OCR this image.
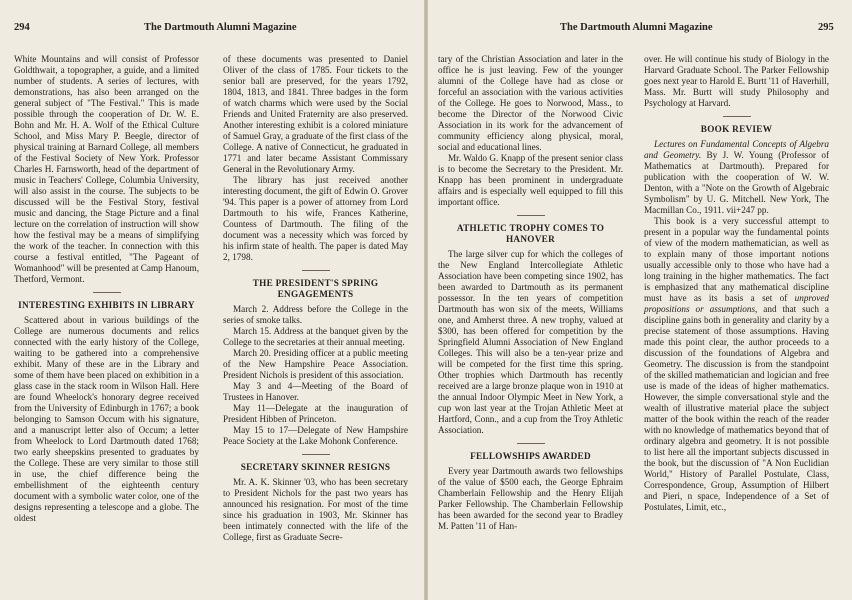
294	The Dartmouth Alumni Magazine

White Mountains and will consist of Professor Goldthwait, a topographer, a guide, and a limited number of students. A series of lectures, with demonstrations, has also been arranged on the general subject of "The Festival." This is made possible through the cooperation of Dr. W. E. Bohn and Mr. H. A. Wolf of the Ethical Culture School, and Miss Mary P. Beegle, director of physical training at Barnard College, all members of the Festival Society of New York. Professor Charles H. Farnsworth, head of the department of music in Teachers' College, Columbia University, will also assist in the course. The subjects to be discussed will be the Festival Story, festival music and dancing, the Stage Picture and a final lecture on the correlation of instruction will show how the festival may be a means of simplifying the work of the teacher. In connection with this course a festival entitled, "The Pageant of Womanhood" will be presented at Camp Hanoum, Thetford, Vermont.

INTERESTING EXHIBITS IN LIBRARY

Scattered about in various buildings of the College are numerous documents and relics connected with the early history of the College, waiting to be gathered into a comprehensive exhibit. Many of these are in the Library and some of them have been placed on exhibition in a glass case in the stack room in Wilson Hall. Here are found Wheelock's honorary degree received from the University of Edinburgh in 1767; a book belonging to Samson Occum with his signature, and a manuscript letter also of Occum; a letter from Wheelock to Lord Dartmouth dated 1768; two early sheepskins presented to graduates by the College. These are very similar to those still in use, the chief difference being the embellishment of the eighteenth century document with a symbolic water color, one of the designs representing a telescope and a globe. The oldest

of these documents was presented to Daniel Oliver of the class of 1785. Four tickets to the senior ball are preserved, for the years 1792, 1804, 1813, and 1841. Three badges in the form of watch charms which were used by the Social Friends and United Fraternity are also preserved. Another interesting exhibit is a colored miniature of Samuel Gray, a graduate of the first class of the College. A native of Connecticut, he graduated in 1771 and later became Assistant Commissary General in the Revolutionary Army.

The library has just received another interesting document, the gift of Edwin O. Grover '94. This paper is a power of attorney from Lord Dartmouth to his wife, Frances Katherine, Countess of Dartmouth. The filing of the document was a necessity which was forced by his infirm state of health. The paper is dated May 2, 1798.

THE PRESIDENT'S SPRING ENGAGEMENTS

March 2. Address before the College in the series of smoke talks.

March 15. Address at the banquet given by the College to the secretaries at their annual meeting.

March 20. Presiding officer at a public meeting of the New Hampshire Peace Association. President Nichols is president of this association.

May 3 and 4—Meeting of the Board of Trustees in Hanover.

May 11—Delegate at the inauguration of President Hibben of Princeton.

May 15 to 17—Delegate of New Hampshire Peace Society at the Lake Mohonk Conference.

SECRETARY SKINNER RESIGNS

Mr. A. K. Skinner '03, who has been secretary to President Nichols for the past two years has announced his resignation. For most of the time since his graduation in 1903, Mr. Skinner has been intimately connected with the life of the College, first as Graduate Secre-

The Dartmouth Alumni Magazine	295

tary of the Christian Association and later in the office he is just leaving. Few of the younger alumni of the College have had as close or forceful an association with the various activities of the College. He goes to Norwood, Mass., to become the Director of the Norwood Civic Association in its work for the advancement of community efficiency along physical, moral, social and educational lines.

Mr. Waldo G. Knapp of the present senior class is to become the Secretary to the President. Mr. Knapp has been prominent in undergraduate affairs and is especially well equipped to fill this important office.

ATHLETIC TROPHY COMES TO HANOVER

The large silver cup for which the colleges of the New England Intercollegiate Athletic Association have been competing since 1902, has been awarded to Dartmouth as its permanent possessor. In the ten years of competition Dartmouth has won six of the meets, Williams one, and Amherst three. A new trophy, valued at $300, has been offered for competition by the Springfield Alumni Association of New England Colleges. This will also be a ten-year prize and will be competed for the first time this spring. Other trophies which Dartmouth has recently received are a large bronze plaque won in 1910 at the annual Indoor Olympic Meet in New York, a cup won last year at the Trojan Athletic Meet at Hartford, Conn., and a cup from the Troy Athletic Association.

FELLOWSHIPS AWARDED

Every year Dartmouth awards two fellowships of the value of $500 each, the George Ephraim Chamberlain Fellowship and the Henry Elijah Parker Fellowship. The Chamberlain Fellowship has been awarded for the second year to Bradley M. Patten '11 of Han-

over. He will continue his study of Biology in the Harvard Graduate School. The Parker Fellowship goes next year to Harold E. Burtt '11 of Haverhill, Mass. Mr. Burtt will study Philosophy and Psychology at Harvard.

BOOK REVIEW

Lectures on Fundamental Concepts of Algebra and Geometry. By J. W. Young (Professor of Mathematics at Dartmouth). Prepared for publication with the cooperation of W. W. Denton, with a "Note on the Growth of Algebraic Symbolism" by U. G. Mitchell. New York, The Macmillan Co., 1911. vii+247 pp.

This book is a very successful attempt to present in a popular way the fundamental points of view of the modern mathematician, as well as to explain many of those important notions usually accessible only to those who have had a long training in the higher mathematics. The fact is emphasized that any mathematical discipline must have as its basis a set of unproved propositions or assumptions, and that such a discipline gains both in generality and clarity by a precise statement of those assumptions. Having made this point clear, the author proceeds to a discussion of the foundations of Algebra and Geometry. The discussion is from the standpoint of the skilled mathematician and logician and free use is made of the ideas of higher mathematics. However, the simple conversational style and the wealth of illustrative material place the subject matter of the book within the reach of the reader with no knowledge of mathematics beyond that of ordinary algebra and geometry. It is not possible to list here all the important subjects discussed in the book, but the discussion of "A Non Euclidian World," History of Parallel Postulate, Class, Correspondence, Group, Assumption of Hilbert and Pieri, n space, Independence of a Set of Postulates, Limit, etc.,
